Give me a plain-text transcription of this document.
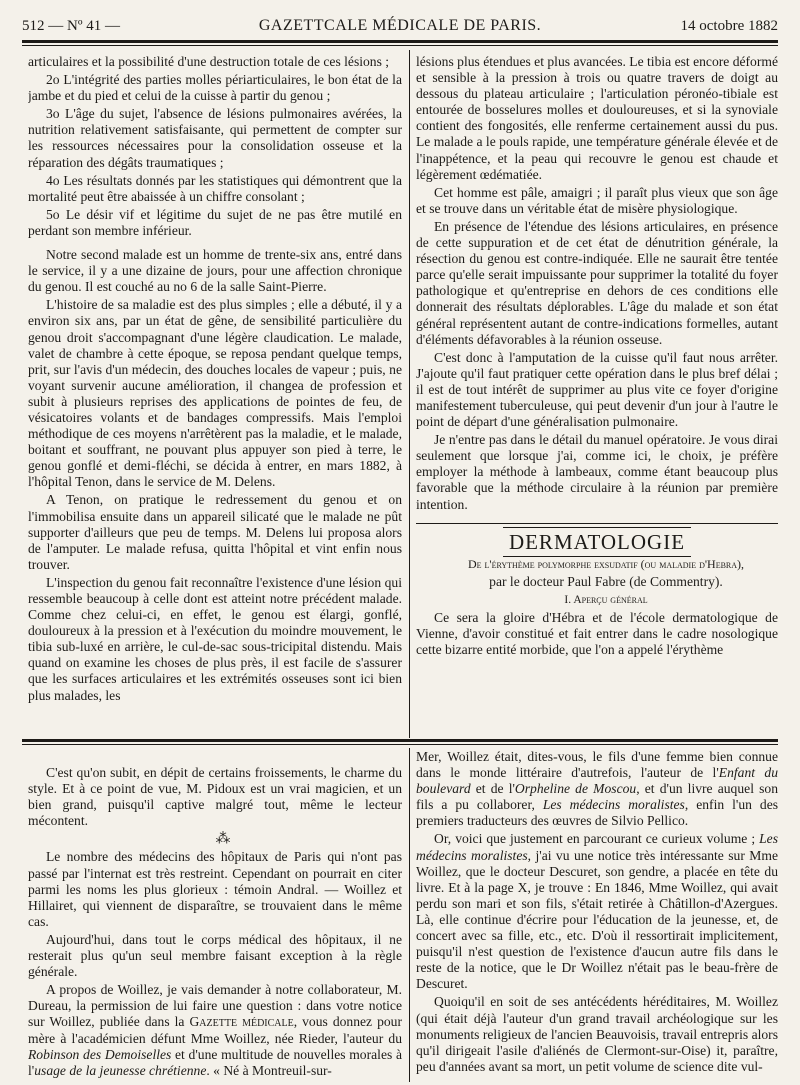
512 — Nº 41 —	GAZETTCALE MÉDICALE DE PARIS.	14 octobre 1882

articulaires et la possibilité d'une destruction totale de ces lésions ;

2o L'intégrité des parties molles périarticulaires, le bon état de la jambe et du pied et celui de la cuisse à partir du genou ;

3o L'âge du sujet, l'absence de lésions pulmonaires avérées, la nutrition relativement satisfaisante, qui permettent de compter sur les ressources nécessaires pour la consolidation osseuse et la réparation des dégâts traumatiques ;

4o Les résultats donnés par les statistiques qui démontrent que la mortalité peut être abaissée à un chiffre consolant ;

5o Le désir vif et légitime du sujet de ne pas être mutilé en perdant son membre inférieur.

Notre second malade est un homme de trente-six ans, entré dans le service, il y a une dizaine de jours, pour une affection chronique du genou. Il est couché au no 6 de la salle Saint-Pierre.

L'histoire de sa maladie est des plus simples ; elle a débuté, il y a environ six ans, par un état de gêne, de sensibilité particulière du genou droit s'accompagnant d'une légère claudication. Le malade, valet de chambre à cette époque, se reposa pendant quelque temps, prit, sur l'avis d'un médecin, des douches locales de vapeur ; puis, ne voyant survenir aucune amélioration, il changea de profession et subit à plusieurs reprises des applications de pointes de feu, de vésicatoires volants et de bandages compressifs. Mais l'emploi méthodique de ces moyens n'arrêtèrent pas la maladie, et le malade, boitant et souffrant, ne pouvant plus appuyer son pied à terre, le genou gonflé et demi-fléchi, se décida à entrer, en mars 1882, à l'hôpital Tenon, dans le service de M. Delens.

A Tenon, on pratique le redressement du genou et on l'immobilisa ensuite dans un appareil silicaté que le malade ne pût supporter d'ailleurs que peu de temps. M. Delens lui proposa alors de l'amputer. Le malade refusa, quitta l'hôpital et vint enfin nous trouver.

L'inspection du genou fait reconnaître l'existence d'une lésion qui ressemble beaucoup à celle dont est atteint notre précédent malade. Comme chez celui-ci, en effet, le genou est élargi, gonflé, douloureux à la pression et à l'exécution du moindre mouvement, le tibia sub-luxé en arrière, le cul-de-sac sous-tricipital distendu. Mais quand on examine les choses de plus près, il est facile de s'assurer que les surfaces articulaires et les extrémités osseuses sont ici bien plus malades, les

lésions plus étendues et plus avancées. Le tibia est encore déformé et sensible à la pression à trois ou quatre travers de doigt au dessous du plateau articulaire ; l'articulation péronéo-tibiale est entourée de bosselures molles et douloureuses, et si la synoviale contient des fongosités, elle renferme certainement aussi du pus. Le malade a le pouls rapide, une température générale élevée et de l'inappétence, et la peau qui recouvre le genou est chaude et légèrement œdématiée.

Cet homme est pâle, amaigri ; il paraît plus vieux que son âge et se trouve dans un véritable état de misère physiologique.

En présence de l'étendue des lésions articulaires, en présence de cette suppuration et de cet état de dénutrition générale, la résection du genou est contre-indiquée. Elle ne saurait être tentée parce qu'elle serait impuissante pour supprimer la totalité du foyer pathologique et qu'entreprise en dehors de ces conditions elle donnerait des résultats déplorables. L'âge du malade et son état général représentent autant de contre-indications formelles, autant d'éléments défavorables à la réunion osseuse.

C'est donc à l'amputation de la cuisse qu'il faut nous arrêter. J'ajoute qu'il faut pratiquer cette opération dans le plus bref délai ; il est de tout intérêt de supprimer au plus vite ce foyer d'origine manifestement tuberculeuse, qui peut devenir d'un jour à l'autre le point de départ d'une généralisation pulmonaire.

Je n'entre pas dans le détail du manuel opératoire. Je vous dirai seulement que lorsque j'ai, comme ici, le choix, je préfère employer la méthode à lambeaux, comme étant beaucoup plus favorable que la méthode circulaire à la réunion par première intention.

DERMATOLOGIE

De l'érythème polymorphe exsudatif (ou maladie d'Hebra),

par le docteur Paul Fabre (de Commentry).

I. Aperçu général

Ce sera la gloire d'Hébra et de l'école dermatologique de Vienne, d'avoir constitué et fait entrer dans le cadre nosologique cette bizarre entité morbide, que l'on a appelé l'érythème

C'est qu'on subit, en dépit de certains froissements, le charme du style. Et à ce point de vue, M. Pidoux est un vrai magicien, et un bien grand, puisqu'il captive malgré tout, même le lecteur mécontent.

⁂

Le nombre des médecins des hôpitaux de Paris qui n'ont pas passé par l'internat est très restreint. Cependant on pourrait en citer parmi les noms les plus glorieux : témoin Andral. — Woillez et Hillairet, qui viennent de disparaître, se trouvaient dans le même cas.

Aujourd'hui, dans tout le corps médical des hôpitaux, il ne resterait plus qu'un seul membre faisant exception à la règle générale.

A propos de Woillez, je vais demander à notre collaborateur, M. Dureau, la permission de lui faire une question : dans votre notice sur Woillez, publiée dans la Gazette médicale, vous donnez pour mère à l'académicien défunt Mme Woillez, née Rieder, l'auteur du Robinson des Demoiselles et d'une multitude de nouvelles morales à l'usage de la jeunesse chrétienne. « Né à Montreuil-sur-

Mer, Woillez était, dites-vous, le fils d'une femme bien connue dans le monde littéraire d'autrefois, l'auteur de l'Enfant du boulevard et de l'Orpheline de Moscou, et d'un livre auquel son fils a pu collaborer, Les médecins moralistes, enfin l'un des premiers traducteurs des œuvres de Silvio Pellico.

Or, voici que justement en parcourant ce curieux volume ; Les médecins moralistes, j'ai vu une notice très intéressante sur Mme Woillez, que le docteur Descuret, son gendre, a placée en tête du livre. Et à la page X, je trouve : En 1846, Mme Woillez, qui avait perdu son mari et son fils, s'était retirée à Châtillon-d'Azergues. Là, elle continue d'écrire pour l'éducation de la jeunesse, et, de concert avec sa fille, etc., etc. D'où il ressortirait implicitement, puisqu'il n'est question de l'existence d'aucun autre fils dans le reste de la notice, que le Dr Woillez n'était pas le beau-frère de Descuret.

Quoiqu'il en soit de ses antécédents héréditaires, M. Woillez (qui était déjà l'auteur d'un grand travail archéologique sur les monuments religieux de l'ancien Beauvoisis, travail entrepris alors qu'il dirigeait l'asile d'aliénés de Clermont-sur-Oise) it, paraître, peu d'années avant sa mort, un petit volume de science dite vul-
